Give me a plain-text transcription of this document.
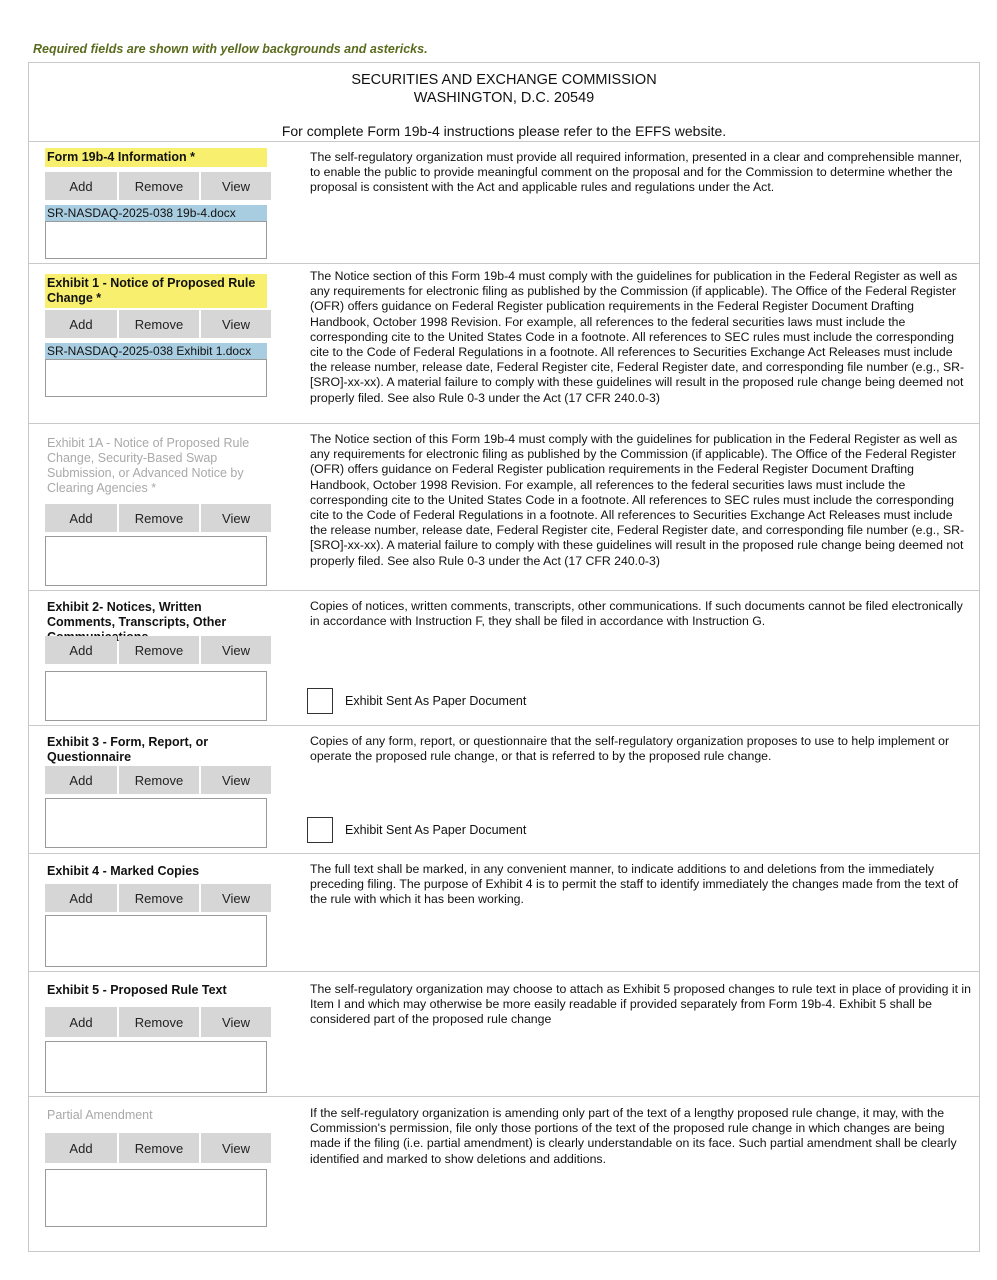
Required fields are shown with yellow backgrounds and astericks.
SECURITIES AND EXCHANGE COMMISSION
WASHINGTON, D.C. 20549
For complete Form 19b-4 instructions please refer to the EFFS website.
Form 19b-4 Information *
Add	Remove	View
SR-NASDAQ-2025-038 19b-4.docx
The self-regulatory organization must provide all required information, presented in a clear and comprehensible manner, to enable the public to provide meaningful comment on the proposal and for the Commission to determine whether the proposal is consistent with the Act and applicable rules and regulations under the Act.
Exhibit 1 - Notice of Proposed Rule Change *
Add	Remove	View
SR-NASDAQ-2025-038 Exhibit 1.docx
The Notice section of this Form 19b-4 must comply with the guidelines for publication in the Federal Register as well as any requirements for electronic filing as published by the Commission (if applicable). The Office of the Federal Register (OFR) offers guidance on Federal Register publication requirements in the Federal Register Document Drafting Handbook, October 1998 Revision. For example, all references to the federal securities laws must include the corresponding cite to the United States Code in a footnote. All references to SEC rules must include the corresponding cite to the Code of Federal Regulations in a footnote. All references to Securities Exchange Act Releases must include the release number, release date, Federal Register cite, Federal Register date, and corresponding file number (e.g., SR-[SRO]-xx-xx). A material failure to comply with these guidelines will result in the proposed rule change being deemed not properly filed. See also Rule 0-3 under the Act (17 CFR 240.0-3)
Exhibit 1A - Notice of Proposed Rule Change, Security-Based Swap Submission, or Advanced Notice by Clearing Agencies *
Add	Remove	View
The Notice section of this Form 19b-4 must comply with the guidelines for publication in the Federal Register as well as any requirements for electronic filing as published by the Commission (if applicable). The Office of the Federal Register (OFR) offers guidance on Federal Register publication requirements in the Federal Register Document Drafting Handbook, October 1998 Revision. For example, all references to the federal securities laws must include the corresponding cite to the United States Code in a footnote. All references to SEC rules must include the corresponding cite to the Code of Federal Regulations in a footnote. All references to Securities Exchange Act Releases must include the release number, release date, Federal Register cite, Federal Register date, and corresponding file number (e.g., SR-[SRO]-xx-xx). A material failure to comply with these guidelines will result in the proposed rule change being deemed not properly filed. See also Rule 0-3 under the Act (17 CFR 240.0-3)
Exhibit 2- Notices, Written Comments, Transcripts, Other
Add	Remove	View
Copies of notices, written comments, transcripts, other communications. If such documents cannot be filed electronically in accordance with Instruction F, they shall be filed in accordance with Instruction G.
Exhibit Sent As Paper Document
Exhibit 3 - Form, Report, or Questionnaire
Add	Remove	View
Copies of any form, report, or questionnaire that the self-regulatory organization proposes to use to help implement or operate the proposed rule change, or that is referred to by the proposed rule change.
Exhibit Sent As Paper Document
Exhibit 4 - Marked Copies
Add	Remove	View
The full text shall be marked, in any convenient manner, to indicate additions to and deletions from the immediately preceding filing. The purpose of Exhibit 4 is to permit the staff to identify immediately the changes made from the text of the rule with which it has been working.
Exhibit 5 - Proposed Rule Text
Add	Remove	View
The self-regulatory organization may choose to attach as Exhibit 5 proposed changes to rule text in place of providing it in Item I and which may otherwise be more easily readable if provided separately from Form 19b-4. Exhibit 5 shall be considered part of the proposed rule change
Partial Amendment
Add	Remove	View
If the self-regulatory organization is amending only part of the text of a lengthy proposed rule change, it may, with the Commission's permission, file only those portions of the text of the proposed rule change in which changes are being made if the filing (i.e. partial amendment) is clearly understandable on its face. Such partial amendment shall be clearly identified and marked to show deletions and additions.
